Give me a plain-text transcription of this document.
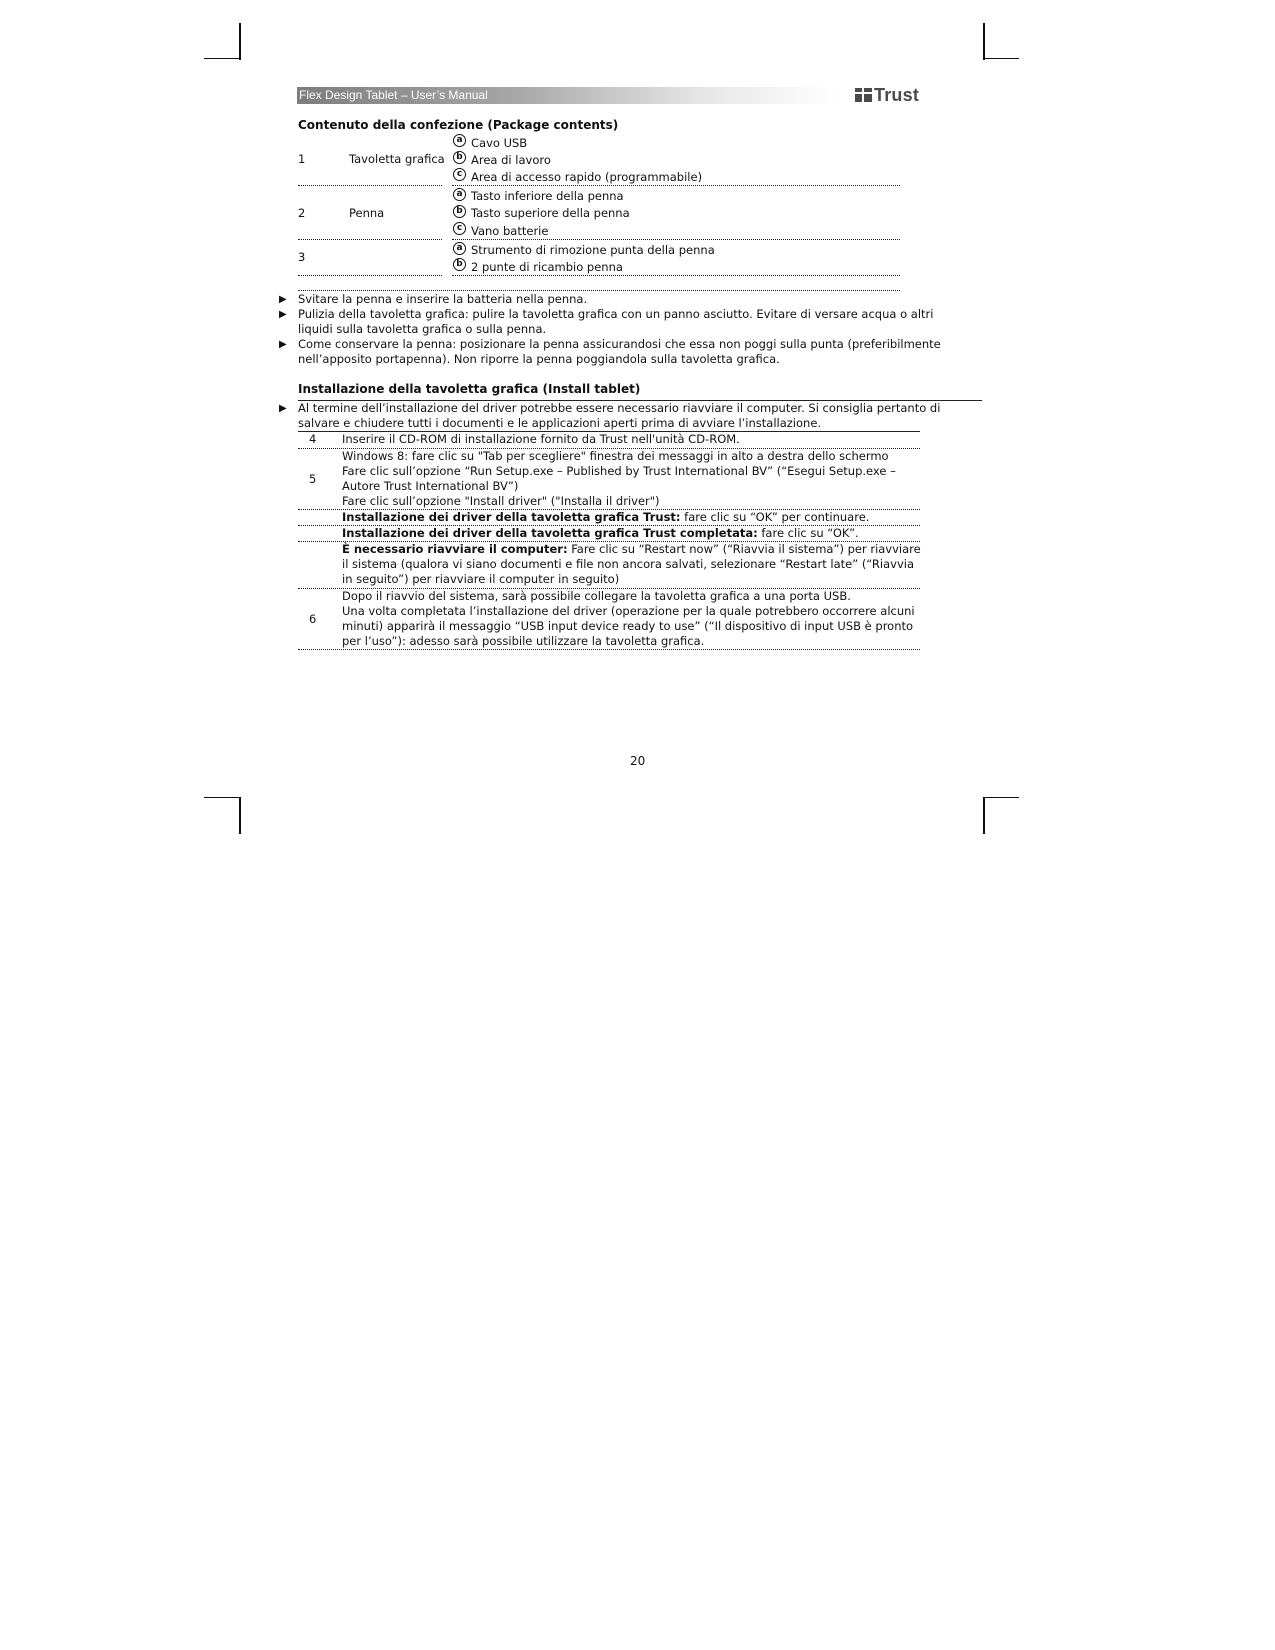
Flex Design Tablet – User’s Manual	Trust
Contenuto della confezione (Package contents)
1	Tavoletta grafica
a Cavo USB
b Area di lavoro
c Area di accesso rapido (programmabile)
2	Penna
a Tasto inferiore della penna
b Tasto superiore della penna
c Vano batterie
3
a Strumento di rimozione punta della penna
b 2 punte di ricambio penna
▶ Svitare la penna e inserire la batteria nella penna.
▶ Pulizia della tavoletta grafica: pulire la tavoletta grafica con un panno asciutto. Evitare di versare acqua o altri liquidi sulla tavoletta grafica o sulla penna.
▶ Come conservare la penna: posizionare la penna assicurandosi che essa non poggi sulla punta (preferibilmente nell’apposito portapenna). Non riporre la penna poggiandola sulla tavoletta grafica.
Installazione della tavoletta grafica (Install tablet)
▶ Al termine dell’installazione del driver potrebbe essere necessario riavviare il computer. Si consiglia pertanto di salvare e chiudere tutti i documenti e le applicazioni aperti prima di avviare l’installazione.
4 Inserire il CD-ROM di installazione fornito da Trust nell'unità CD-ROM.
5
Windows 8: fare clic su "Tab per scegliere" finestra dei messaggi in alto a destra dello schermo
Fare clic sull’opzione “Run Setup.exe – Published by Trust International BV” (“Esegui Setup.exe – Autore Trust International BV”)
Fare clic sull’opzione "Install driver" ("Installa il driver")
Installazione dei driver della tavoletta grafica Trust: fare clic su “OK” per continuare.
Installazione dei driver della tavoletta grafica Trust completata: fare clic su “OK”.
È necessario riavviare il computer: Fare clic su “Restart now” (“Riavvia il sistema”) per riavviare il sistema (qualora vi siano documenti e file non ancora salvati, selezionare “Restart late” (“Riavvia in seguito”) per riavviare il computer in seguito)
6
Dopo il riavvio del sistema, sarà possibile collegare la tavoletta grafica a una porta USB.
Una volta completata l’installazione del driver (operazione per la quale potrebbero occorrere alcuni minuti) apparirà il messaggio “USB input device ready to use” (“Il dispositivo di input USB è pronto per l’uso”): adesso sarà possibile utilizzare la tavoletta grafica.
20
